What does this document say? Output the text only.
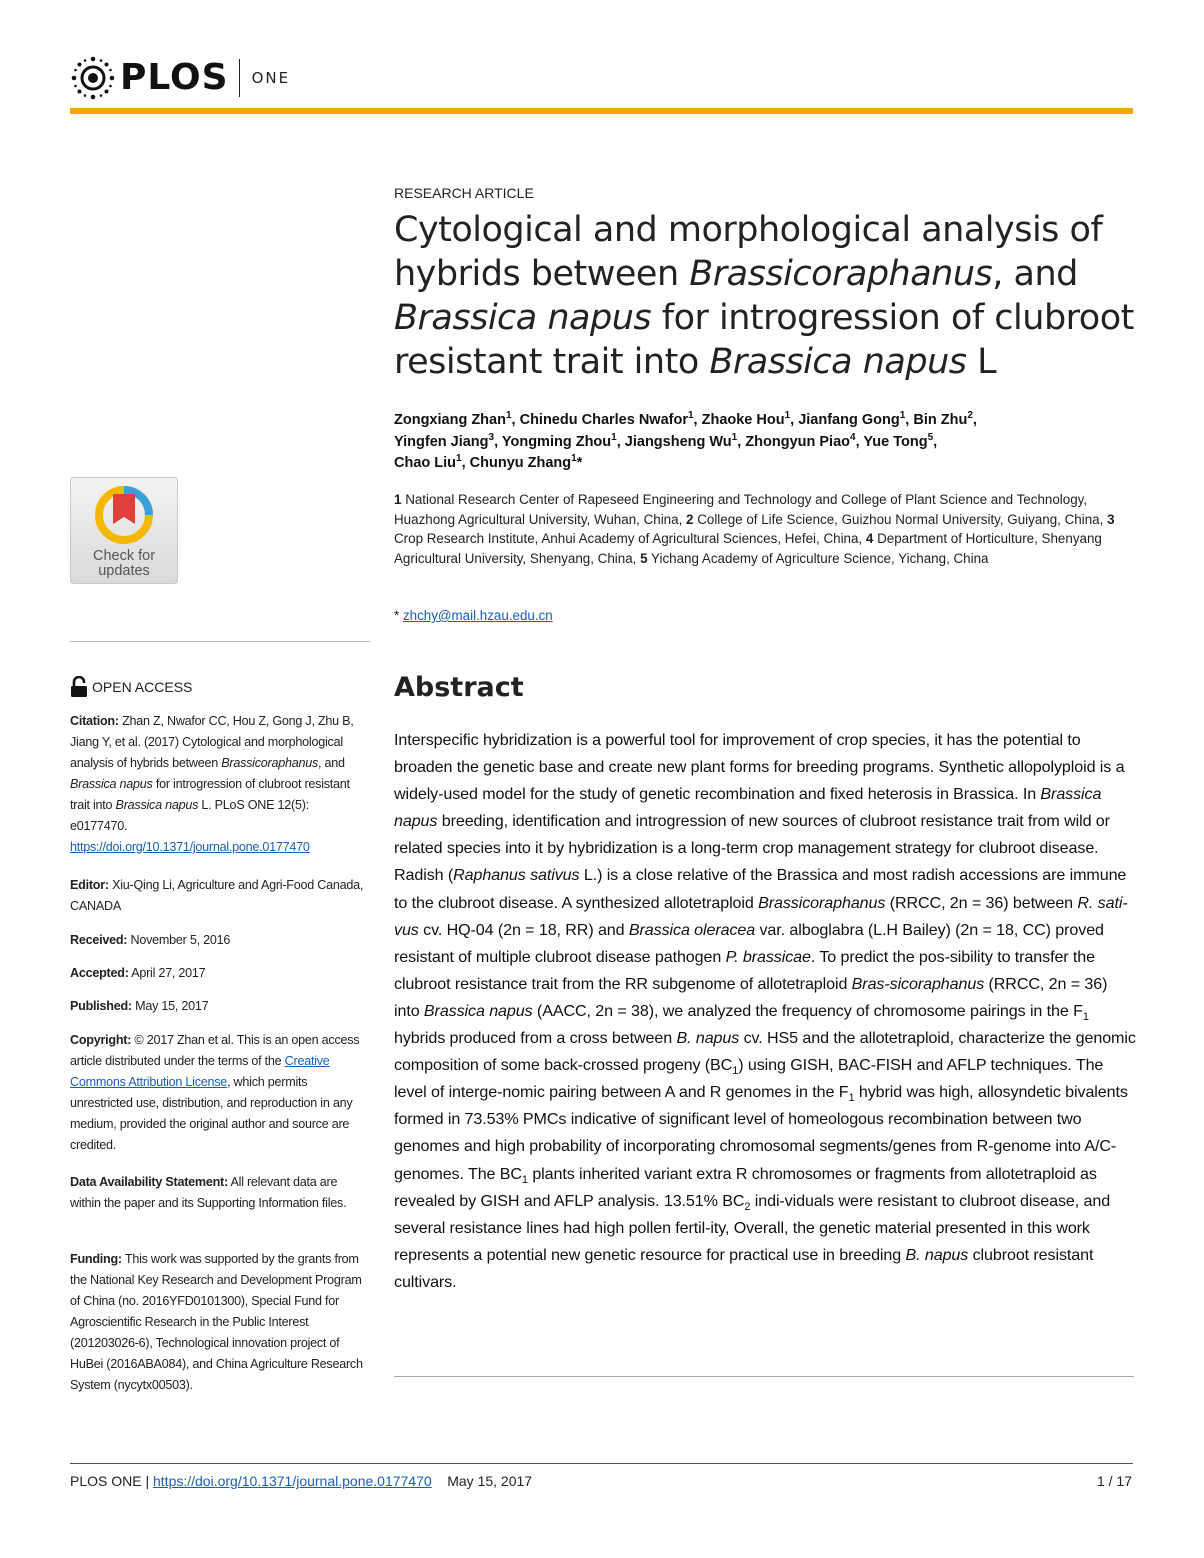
PLOS ONE
RESEARCH ARTICLE
Cytological and morphological analysis of hybrids between Brassicoraphanus, and Brassica napus for introgression of clubroot resistant trait into Brassica napus L
Zongxiang Zhan$^1$, Chinedu Charles Nwafor$^1$, Zhaoke Hou$^1$, Jianfang Gong$^1$, Bin Zhu$^2$,
Yingfen Jiang$^3$, Yongming Zhou$^1$, Jiangsheng Wu$^1$, Zhongyun Piao$^4$, Yue Tong$^5$,
Chao Liu$^1$, Chunyu Zhang$^1$*
1 National Research Center of Rapeseed Engineering and Technology and College of Plant Science and Technology, Huazhong Agricultural University, Wuhan, China, 2 College of Life Science, Guizhou Normal University, Guiyang, China, 3 Crop Research Institute, Anhui Academy of Agricultural Sciences, Hefei, China, 4 Department of Horticulture, Shenyang Agricultural University, Shenyang, China, 5 Yichang Academy of Agriculture Science, Yichang, China
* zhchy@mail.hzau.edu.cn
Check for
updates
OPEN ACCESS

Citation: Zhan Z, Nwafor CC, Hou Z, Gong J, Zhu B, Jiang Y, et al. (2017) Cytological and morphological analysis of hybrids between Brassicoraphanus, and Brassica napus for introgression of clubroot resistant trait into Brassica napus L. PLoS ONE 12(5): e0177470. https://doi.org/10.1371/journal.pone.0177470

Editor: Xiu-Qing Li, Agriculture and Agri-Food Canada, CANADA

Received: November 5, 2016

Accepted: April 27, 2017

Published: May 15, 2017

Copyright: © 2017 Zhan et al. This is an open access article distributed under the terms of the Creative Commons Attribution License, which permits unrestricted use, distribution, and reproduction in any medium, provided the original author and source are credited.

Data Availability Statement: All relevant data are within the paper and its Supporting Information files.

Funding: This work was supported by the grants from the National Key Research and Development Program of China (no. 2016YFD0101300), Special Fund for Agroscientific Research in the Public Interest (201203026-6), Technological innovation project of HuBei (2016ABA084), and China Agriculture Research System (nycytx00503).

Abstract
Interspecific hybridization is a powerful tool for improvement of crop species, it has the potential to broaden the genetic base and create new plant forms for breeding programs. Synthetic allopolyploid is a widely-used model for the study of genetic recombination and fixed heterosis in Brassica. In Brassica napus breeding, identification and introgression of new sources of clubroot resistance trait from wild or related species into it by hybridization is a long-term crop management strategy for clubroot disease. Radish (Raphanus sativus L.) is a close relative of the Brassica and most radish accessions are immune to the clubroot disease. A synthesized allotetraploid Brassicoraphanus (RRCC, 2n = 36) between R. sati-vus cv. HQ-04 (2n = 18, RR) and Brassica oleracea var. alboglabra (L.H Bailey) (2n = 18, CC) proved resistant of multiple clubroot disease pathogen P. brassicae. To predict the pos-sibility to transfer the clubroot resistance trait from the RR subgenome of allotetraploid Bras-sicoraphanus (RRCC, 2n = 36) into Brassica napus (AACC, 2n = 38), we analyzed the frequency of chromosome pairings in the $F_1$ hybrids produced from a cross between B. napus cv. HS5 and the allotetraploid, characterize the genomic composition of some back-crossed progeny $(BC_1)$ using GISH, BAC-FISH and AFLP techniques. The level of interge-nomic pairing between A and R genomes in the $F_1$ hybrid was high, allosyndetic bivalents formed in 73.53% PMCs indicative of significant level of homeologous recombination between two genomes and high probability of incorporating chromosomal segments/genes from R-genome into A/C-genomes. The $BC_1$ plants inherited variant extra R chromosomes or fragments from allotetraploid as revealed by GISH and AFLP analysis. 13.51% $BC_2$ indi-viduals were resistant to clubroot disease, and several resistance lines had high pollen fertil-ity, Overall, the genetic material presented in this work represents a potential new genetic resource for practical use in breeding B. napus clubroot resistant cultivars.
PLOS ONE | https://doi.org/10.1371/journal.pone.0177470 May 15, 2017	1 / 17
